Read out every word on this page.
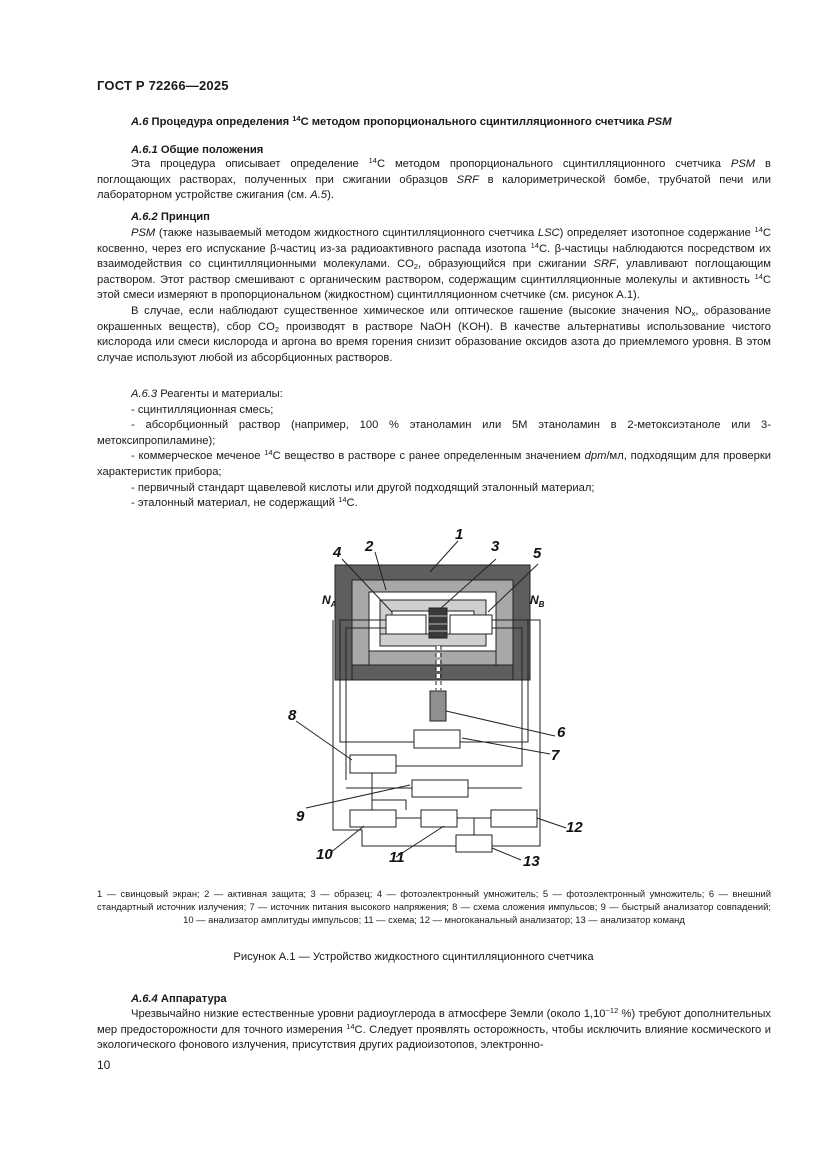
ГОСТ Р 72266—2025
А.6 Процедура определения $^{14}$С методом пропорционального сцинтилляционного счетчика PSM
А.6.1 Общие положения

Эта процедура описывает определение $^{14}$С методом пропорционального сцинтилляционного счетчика PSM в поглощающих растворах, полученных при сжигании образцов SRF в калориметрической бомбе, трубчатой печи или лабораторном устройстве сжигания (см. А.5).

А.6.2 Принцип

PSM (также называемый методом жидкостного сцинтилляционного счетчика LSC) определяет изотопное содержание $^{14}$С косвенно, через его испускание β-частиц из-за радиоактивного распада изотопа $^{14}$С. β-частицы наблюдаются посредством их взаимодействия со сцинтилляционными молекулами. $CO_2$, образующийся при сжигании SRF, улавливают поглощающим раствором. Этот раствор смешивают с органическим раствором, содержащим сцинтилляционные молекулы и активность $^{14}$С этой смеси измеряют в пропорциональном (жидкостном) сцинтилляционном счетчике (см. рисунок А.1).

В случае, если наблюдают существенное химическое или оптическое гашение (высокие значения $NO_x$, образование окрашенных веществ), сбор $CO_2$ производят в растворе NaOH (KOH). В качестве альтернативы использование чистого кислорода или смеси кислорода и аргона во время горения снизит образование оксидов азота до приемлемого уровня. В этом случае используют любой из абсорбционных растворов.

А.6.3 Реагенты и материалы:

- сцинтилляционная смесь;

- абсорбционный раствор (например, 100 % этаноламин или 5М этаноламин в 2-метоксиэтаноле или 3-метоксипропиламине);

- коммерческое меченое $^{14}$С вещество в растворе с ранее определенным значением dpm/мл, подходящим для проверки характеристик прибора;

- первичный стандарт щавелевой кислоты или другой подходящий эталонный материал;

- эталонный материал, не содержащий $^{14}$С.

1
2	3
4	5
6
7
8
9
10	11
12
13
$N_A$	$N_B$
1 — свинцовый экран; 2 — активная защита; 3 — образец; 4 — фотоэлектронный умножитель; 5 — фотоэлектронный умножитель; 6 — внешний стандартный источник излучения; 7 — источник питания высокого напряжения; 8 — схема сложения импульсов; 9 — быстрый анализатор совпадений; 10 — анализатор амплитуды импульсов; 11 — схема; 12 — многоканальный анализатор; 13 — анализатор команд
Рисунок А.1 — Устройство жидкостного сцинтилляционного счетчика
А.6.4 Аппаратура

Чрезвычайно низкие естественные уровни радиоуглерода в атмосфере Земли (около $1,10^{-12}$ %) требуют дополнительных мер предосторожности для точного измерения $^{14}$С. Следует проявлять осторожность, чтобы исключить влияние космического и экологического фонового излучения, присутствия других радиоизотопов, электронно-

10
